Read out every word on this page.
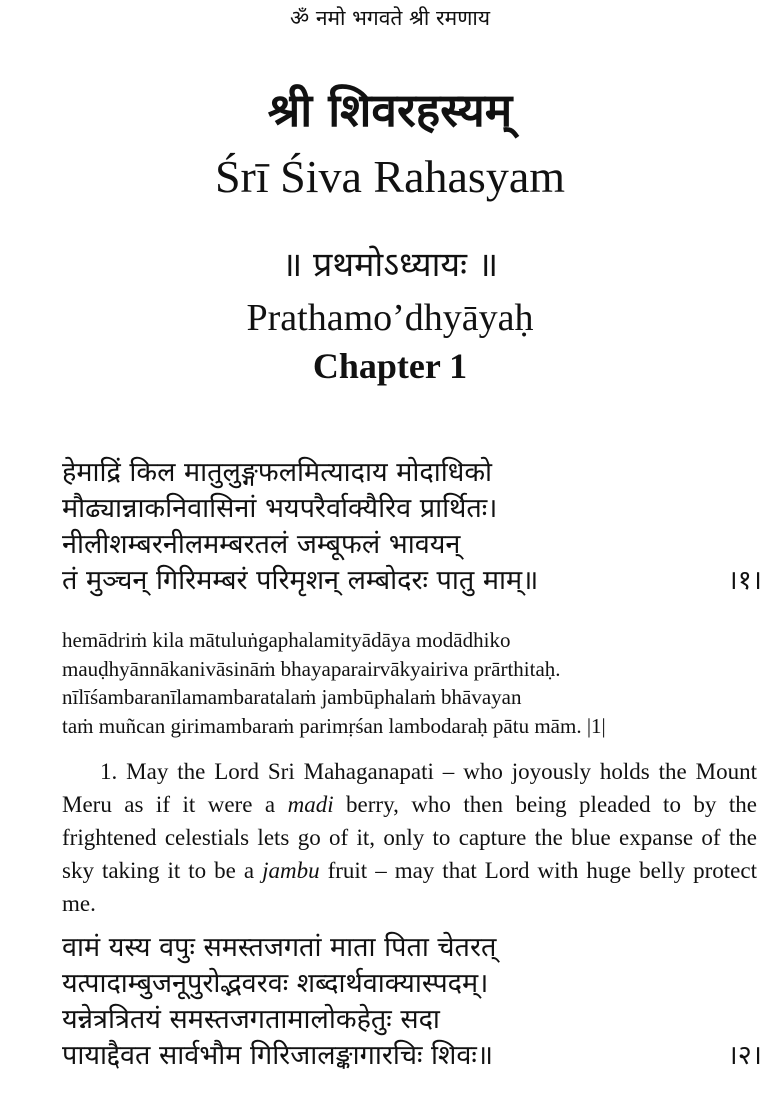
ॐ नमो भगवते श्री रमणाय
श्री शिवरहस्यम्
Śrī Śiva Rahasyam
॥ प्रथमोऽध्यायः ॥
Prathamo’dhyāyaḥ
Chapter 1
हेमाद्रिं किल मातुलुङ्गफलमित्यादाय मोदाधिको
मौढ्यान्नाकनिवासिनां भयपरैर्वाक्यैरिव प्रार्थितः।
नीलीशम्बरनीलमम्बरतलं जम्बूफलं भावयन्
तं मुञ्चन् गिरिमम्बरं परिमृशन् लम्बोदरः पातु माम्॥	।१।
hemādriṁ kila mātuluṅgaphalamityādāya modādhiko
mauḍhyānnākanivāsināṁ bhayaparairvākyairiva prārthitaḥ.
nīlīśambaranīlamambaratalaṁ jambūphalaṁ bhāvayan
taṁ muñcan girimambaraṁ parimṛśan lambodaraḥ pātu mām. |1|

1. May the Lord Sri Mahaganapati – who joyously holds the Mount Meru as if it were a madi berry, who then being pleaded to by the frightened celestials lets go of it, only to capture the blue expanse of the sky taking it to be a jambu fruit – may that Lord with huge belly protect me.

वामं यस्य वपुः समस्तजगतां माता पिता चेतरत्
यत्पादाम्बुजनूपुरोद्भवरवः शब्दार्थवाक्यास्पदम्।
यन्नेत्रत्रितयं समस्तजगतामालोकहेतुः सदा
पायाद्दैवत सार्वभौम गिरिजालङ्कागारचिः शिवः॥	।२।
